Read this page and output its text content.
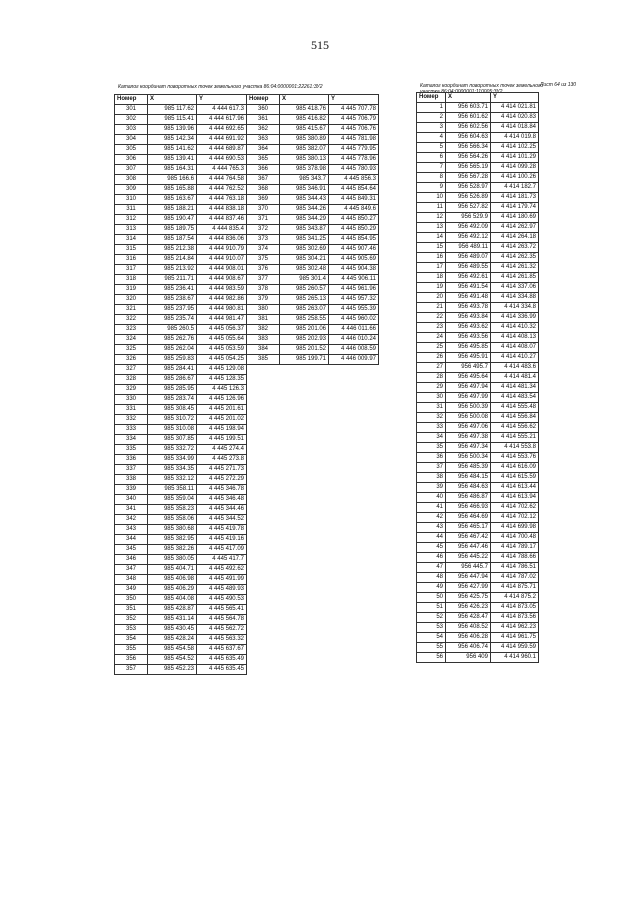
515
Лист 64 из 130
Каталог координат поворотных точек земельного участка 86:04:0000001:22261:ЗУ2	Каталог координат поворотных точек земельного участка 86:04:0000001:110005:ЗУ2
Номер	X	Y	Номер	X	Y
301	985 117.62	4 444 617.3	360	985 418.76	4 445 707.78
302	985 115.41	4 444 617.96	361	985 416.82	4 445 706.79
303	985 139.96	4 444 692.65	362	985 415.67	4 445 706.76
304	985 142.34	4 444 691.92	363	985 380.89	4 445 781.98
305	985 141.62	4 444 689.87	364	985 382.07	4 445 779.95
306	985 139.41	4 444 690.53	365	985 380.13	4 445 778.96
307	985 164.31	4 444 765.3	366	985 378.98	4 445 780.93
308	985 166.6	4 444 764.58	367	985 343.7	4 445 856.3
309	985 165.88	4 444 762.52	368	985 346.91	4 445 854.64
310	985 163.67	4 444 763.18	369	985 344.43	4 445 849.31
311	985 188.21	4 444 838.18	370	985 344.26	4 445 849.6
312	985 190.47	4 444 837.46	371	985 344.29	4 445 850.27
313	985 189.75	4 444 835.4	372	985 343.87	4 445 850.29
314	985 187.54	4 444 836.06	373	985 341.25	4 445 854.95
315	985 212.38	4 444 910.79	374	985 302.69	4 445 907.46
316	985 214.84	4 444 910.07	375	985 304.21	4 445 905.69
317	985 213.92	4 444 908.01	376	985 302.48	4 445 904.38
318	985 211.71	4 444 908.67	377	985 301.4	4 445 906.11
319	985 236.41	4 444 983.59	378	985 260.57	4 445 961.96
320	985 238.67	4 444 982.86	379	985 265.13	4 445 957.32
321	985 237.95	4 444 980.81	380	985 263.07	4 445 955.39
322	985 235.74	4 444 981.47	381	985 258.55	4 445 960.02
323	985 260.5	4 445 056.37	382	985 201.06	4 446 011.66
324	985 262.76	4 445 055.64	383	985 202.93	4 446 010.24
325	985 262.04	4 445 053.59	384	985 201.52	4 446 008.59
326	985 259.83	4 445 054.25	385	985 199.71	4 446 009.97
327	985 284.41	4 445 129.08			
328	985 286.67	4 445 128.35			
329	985 285.95	4 445 126.3			
330	985 283.74	4 445 126.96			
331	985 308.45	4 445 201.61			
332	985 310.72	4 445 201.02			
333	985 310.08	4 445 198.94			
334	985 307.85	4 445 199.51			
335	985 332.72	4 445 274.4			
336	985 334.99	4 445 273.8			
337	985 334.35	4 445 271.73			
338	985 332.12	4 445 272.29			
339	985 358.11	4 445 346.78			
340	985 359.04	4 445 346.48			
341	985 358.23	4 445 344.46			
342	985 358.06	4 445 344.52			
343	985 380.68	4 445 419.78			
344	985 382.95	4 445 419.16			
345	985 382.26	4 445 417.09			
346	985 380.05	4 445 417.7			
347	985 404.71	4 445 492.62			
348	985 406.98	4 445 491.99			
349	985 406.29	4 445 489.93			
350	985 404.08	4 445 490.53			
351	985 428.87	4 445 565.41			
352	985 431.14	4 445 564.78			
353	985 430.45	4 445 562.72			
354	985 428.24	4 445 563.32			
355	985 454.58	4 445 637.67			
356	985 454.52	4 445 635.49			
357	985 452.23	4 445 635.45			
Номер	X	Y
1	956 603.71	4 414 021.81
2	956 601.62	4 414 020.83
3	956 602.56	4 414 018.84
4	956 604.63	4 414 019.8
5	956 566.34	4 414 102.25
6	956 564.26	4 414 101.29
7	956 565.19	4 414 099.28
8	956 567.28	4 414 100.26
9	956 528.97	4 414 182.7
10	956 526.89	4 414 181.73
11	956 527.82	4 414 179.74
12	956 529.9	4 414 180.69
13	956 492.09	4 414 262.97
14	956 492.12	4 414 264.18
15	956 489.11	4 414 263.72
16	956 489.07	4 414 262.35
17	956 489.55	4 414 261.32
18	956 492.61	4 414 261.85
19	956 491.54	4 414 337.06
20	956 491.48	4 414 334.88
21	956 493.78	4 414 334.8
22	956 493.84	4 414 336.99
23	956 493.62	4 414 410.32
24	956 493.56	4 414 408.13
25	956 495.85	4 414 408.07
26	956 495.91	4 414 410.27
27	956 495.7	4 414 483.6
28	956 495.64	4 414 481.4
29	956 497.94	4 414 481.34
30	956 497.99	4 414 483.54
31	956 500.39	4 414 555.48
32	956 500.08	4 414 556.84
33	956 497.06	4 414 556.62
34	956 497.38	4 414 555.21
35	956 497.34	4 414 553.8
36	956 500.34	4 414 553.76
37	956 485.39	4 414 616.09
38	956 484.15	4 414 615.59
39	956 484.63	4 414 613.44
40	956 486.87	4 414 613.94
41	956 466.93	4 414 702.62
42	956 464.69	4 414 702.12
43	956 465.17	4 414 699.98
44	956 467.42	4 414 700.48
45	956 447.46	4 414 789.17
46	956 445.22	4 414 788.66
47	956 445.7	4 414 786.51
48	956 447.94	4 414 787.02
49	956 427.99	4 414 875.71
50	956 425.75	4 414 875.2
51	956 426.23	4 414 873.05
52	956 428.47	4 414 873.56
53	956 408.52	4 414 962.23
54	956 406.28	4 414 961.75
55	956 406.74	4 414 959.59
56	956 409	4 414 960.1
